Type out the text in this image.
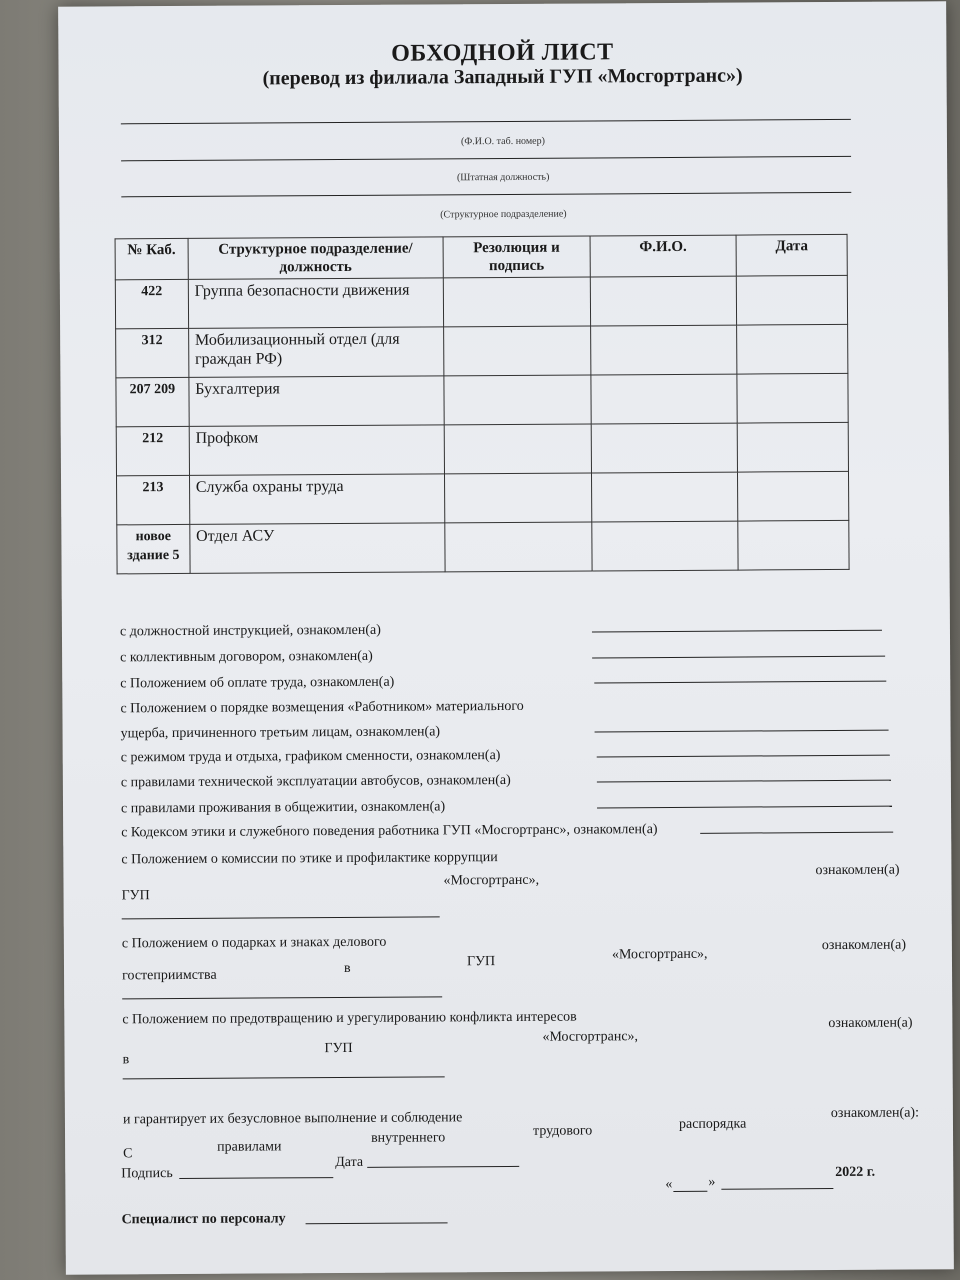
ОБХОДНОЙ ЛИСТ
(перевод из филиала Западный ГУП «Мосгортранс»)
(Ф.И.О. таб. номер)
(Штатная должность)
(Структурное подразделение)
№ Каб.	Структурное подразделение/должность	Резолюция и подпись	Ф.И.О.	Дата
422	Группа безопасности движения			
312	Мобилизационный отдел (для граждан РФ)			
207 209	Бухгалтерия			
212	Профком			
213	Служба охраны труда			
новое здание 5	Отдел АСУ			
с должностной инструкцией, ознакомлен(а)
с коллективным договором, ознакомлен(а)
с Положением об оплате труда, ознакомлен(а)
с Положением о порядке возмещения «Работником» материального
ущерба, причиненного третьим лицам, ознакомлен(а)
с режимом труда и отдыха, графиком сменности, ознакомлен(а)
с правилами технической эксплуатации автобусов, ознакомлен(а)
с правилами проживания в общежитии, ознакомлен(а)
с Кодексом этики и служебного поведения работника ГУП «Мосгортранс», ознакомлен(а)
с Положением о комиссии по этике и профилактике коррупции
ГУП
«Мосгортранс»,
ознакомлен(а)
с Положением о подарках и знаках делового
гостеприимства	в	ГУП	«Мосгортранс»,
ознакомлен(а)
с Положением по предотвращению и урегулированию конфликта интересов
в
ГУП
«Мосгортранс»,
ознакомлен(а)
и гарантирует их безусловное выполнение и соблюдение
С	правилами
внутреннего	трудового	распорядка
ознакомлен(а):
Подпись
Дата
«	»
2022 г.
Специалист по персоналу
